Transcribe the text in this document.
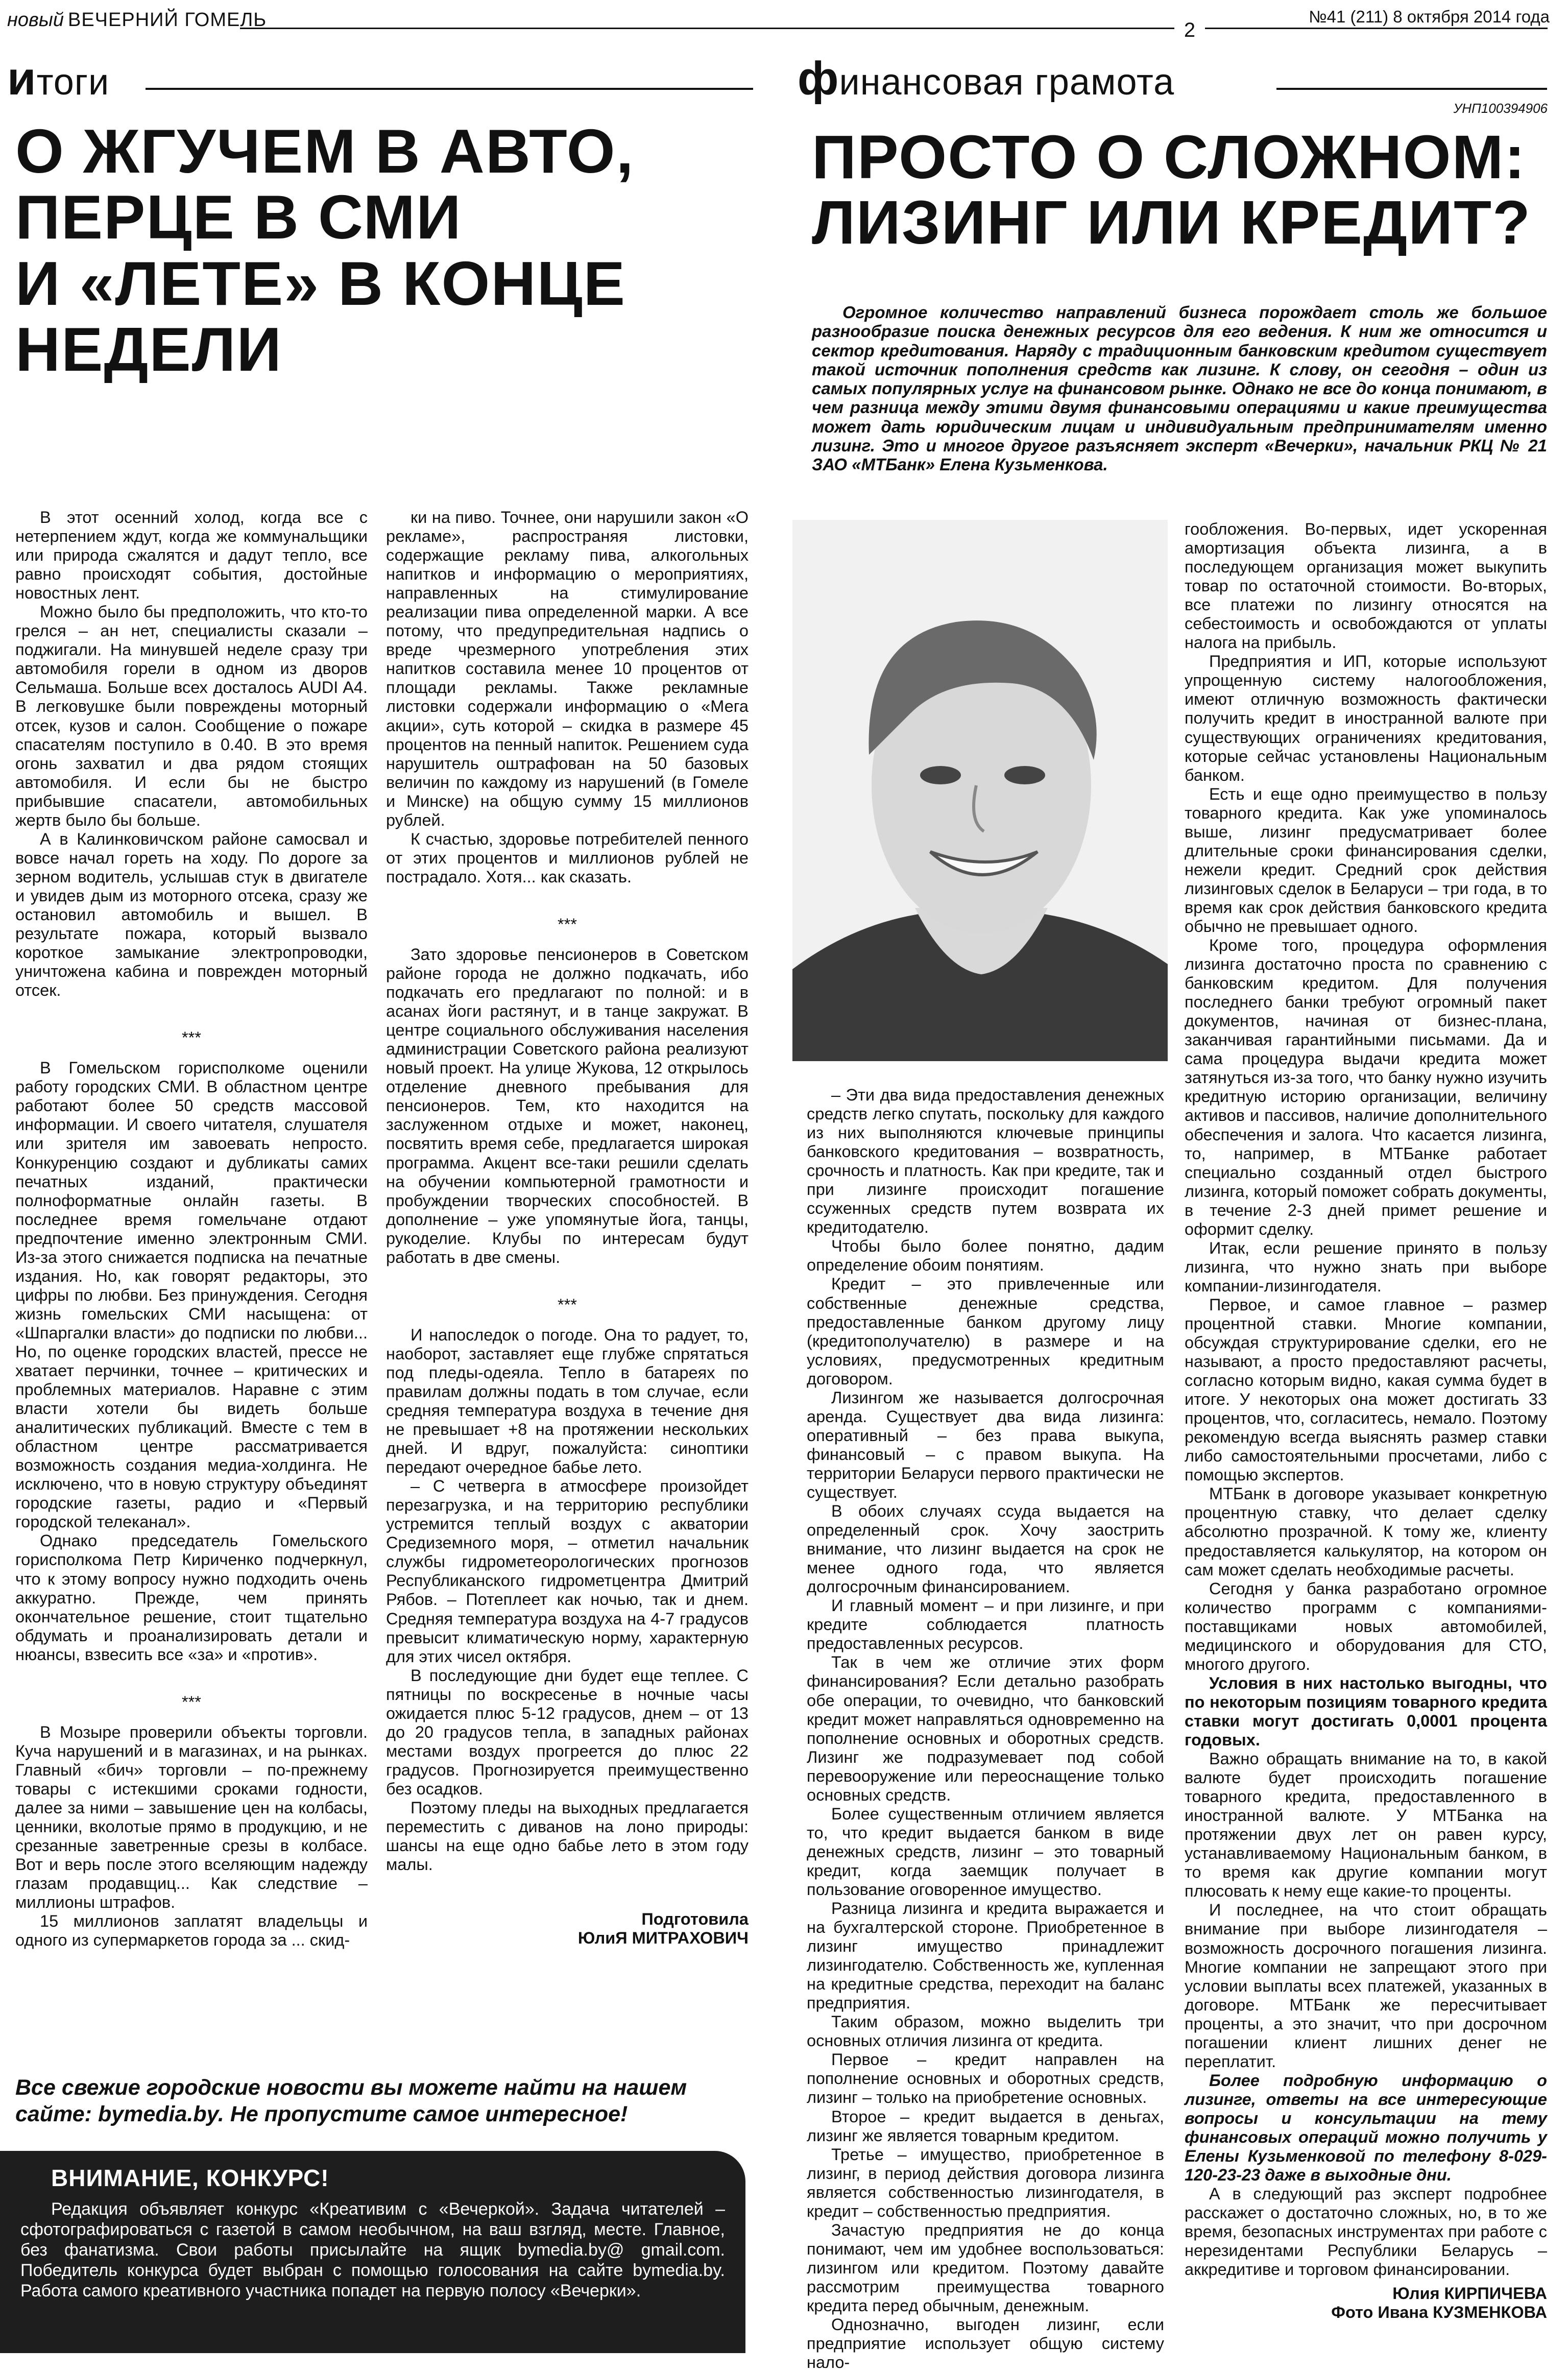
новый ВЕЧЕРНИЙ ГОМЕЛЬ	2
№41 (211) 8 октября 2014 года
итоги
О ЖГУЧЕМ В АВТО,
ПЕРЦЕ В СМИ
И «ЛЕТЕ» В КОНЦЕ
НЕДЕЛИ
финансовая грамота
УНП100394906
ПРОСТО О СЛОЖНОМ:
ЛИЗИНГ ИЛИ КРЕДИТ?
Огромное количество направлений бизнеса порождает столь же большое разнообразие поиска денежных ресурсов для его ведения. К ним же относится и сектор кредитования. Наряду с традиционным банковским кредитом существует такой источник пополнения средств как лизинг. К слову, он сегодня – один из самых популярных услуг на финансовом рынке. Однако не все до конца понимают, в чем разница между этими двумя финансовыми операциями и какие преимущества может дать юридическим лицам и индивидуальным предпринимателям именно лизинг. Это и многое другое разъясняет эксперт «Вечерки», начальник РКЦ № 21 ЗАО «МТБанк» Елена Кузьменкова.

В этот осенний холод, когда все с нетерпением ждут, когда же коммунальщики или природа сжалятся и дадут тепло, все равно происходят события, достойные новостных лент.

Можно было бы предположить, что кто-то грелся – ан нет, специалисты сказали – поджигали. На минувшей неделе сразу три автомобиля горели в одном из дворов Сельмаша. Больше всех досталось AUDI A4. В легковушке были повреждены моторный отсек, кузов и салон. Сообщение о пожаре спасателям поступило в 0.40. В это время огонь захватил и два рядом стоящих автомобиля. И если бы не быстро прибывшие спасатели, автомобильных жертв было бы больше.

А в Калинковичском районе самосвал и вовсе начал гореть на ходу. По дороге за зерном водитель, услышав стук в двигателе и увидев дым из моторного отсека, сразу же остановил автомобиль и вышел. В результате пожара, который вызвало короткое замыкание электропроводки, уничтожена кабина и поврежден моторный отсек.

***

В Гомельском горисполкоме оценили работу городских СМИ. В областном центре работают более 50 средств массовой информации. И своего читателя, слушателя или зрителя им завоевать непросто. Конкуренцию создают и дубликаты самих печатных изданий, практически полноформатные онлайн газеты. В последнее время гомельчане отдают предпочтение именно электронным СМИ. Из-за этого снижается подписка на печатные издания. Но, как говорят редакторы, это цифры по любви. Без принуждения. Сегодня жизнь гомельских СМИ насыщена: от «Шпаргалки власти» до подписки по любви... Но, по оценке городских властей, прессе не хватает перчинки, точнее – критических и проблемных материалов. Наравне с этим власти хотели бы видеть больше аналитических публикаций. Вместе с тем в областном центре рассматривается возможность создания медиа-холдинга. Не исключено, что в новую структуру объединят городские газеты, радио и «Первый городской телеканал».

Однако председатель Гомельского горисполкома Петр Кириченко подчеркнул, что к этому вопросу нужно подходить очень аккуратно. Прежде, чем принять окончательное решение, стоит тщательно обдумать и проанализировать детали и нюансы, взвесить все «за» и «против».

***

В Мозыре проверили объекты торговли. Куча нарушений и в магазинах, и на рынках. Главный «бич» торговли – по-прежнему товары с истекшими сроками годности, далее за ними – завышение цен на колбасы, ценники, вколотые прямо в продукцию, и не срезанные заветренные срезы в колбасе. Вот и верь после этого вселяющим надежду глазам продавщиц... Как следствие – миллионы штрафов.

15 миллионов заплатят владельцы и одного из супермаркетов города за ... скид-

ки на пиво. Точнее, они нарушили закон «О рекламе», распространяя листовки, содержащие рекламу пива, алкогольных напитков и информацию о мероприятиях, направленных на стимулирование реализации пива определенной марки. А все потому, что предупредительная надпись о вреде чрезмерного употребления этих напитков составила менее 10 процентов от площади рекламы. Также рекламные листовки содержали информацию о «Мега акции», суть которой – скидка в размере 45 процентов на пенный напиток. Решением суда нарушитель оштрафован на 50 базовых величин по каждому из нарушений (в Гомеле и Минске) на общую сумму 15 миллионов рублей.

К счастью, здоровье потребителей пенного от этих процентов и миллионов рублей не пострадало. Хотя... как сказать.

***

Зато здоровье пенсионеров в Советском районе города не должно подкачать, ибо подкачать его предлагают по полной: и в асанах йоги растянут, и в танце закружат. В центре социального обслуживания населения администрации Советского района реализуют новый проект. На улице Жукова, 12 открылось отделение дневного пребывания для пенсионеров. Тем, кто находится на заслуженном отдыхе и может, наконец, посвятить время себе, предлагается широкая программа. Акцент все-таки решили сделать на обучении компьютерной грамотности и пробуждении творческих способностей. В дополнение – уже упомянутые йога, танцы, рукоделие. Клубы по интересам будут работать в две смены.

***

И напоследок о погоде. Она то радует, то, наоборот, заставляет еще глубже спрятаться под пледы-одеяла. Тепло в батареях по правилам должны подать в том случае, если средняя температура воздуха в течение дня не превышает +8 на протяжении нескольких дней. И вдруг, пожалуйста: синоптики передают очередное бабье лето.

– С четверга в атмосфере произойдет перезагрузка, и на территорию республики устремится теплый воздух с акватории Средиземного моря, – отметил начальник службы гидрометеорологических прогнозов Республиканского гидрометцентра Дмитрий Рябов. – Потеплеет как ночью, так и днем. Средняя температура воздуха на 4-7 градусов превысит климатическую норму, характерную для этих чисел октября.

В последующие дни будет еще теплее. С пятницы по воскресенье в ночные часы ожидается плюс 5-12 градусов, днем – от 13 до 20 градусов тепла, в западных районах местами воздух прогреется до плюс 22 градусов. Прогнозируется преимущественно без осадков.

Поэтому пледы на выходных предлагается переместить с диванов на лоно природы: шансы на еще одно бабье лето в этом году малы.

Подготовила
ЮлиЯ МИТРАХОВИЧ

Все свежие городские новости вы можете найти на нашем сайте: bymedia.by. Не пропустите самое интересное!
ВНИМАНИЕ, КОНКУРС!

Редакция объявляет конкурс «Креативим с «Вечеркой». Задача читателей – сфотографироваться с газетой в самом необычном, на ваш взгляд, месте. Главное, без фанатизма. Свои работы присылайте на ящик bymedia.by@ gmail.com. Победитель конкурса будет выбран с помощью голосования на сайте bymedia.by. Работа самого креативного участника попадет на первую полосу «Вечерки».

– Эти два вида предоставления денежных средств легко спутать, поскольку для каждого из них выполняются ключевые принципы банковского кредитования – возвратность, срочность и платность. Как при кредите, так и при лизинге происходит погашение ссуженных средств путем возврата их кредитодателю.

Чтобы было более понятно, дадим определение обоим понятиям.

Кредит – это привлеченные или собственные денежные средства, предоставленные банком другому лицу (кредитополучателю) в размере и на условиях, предусмотренных кредитным договором.

Лизингом же называется долгосрочная аренда. Существует два вида лизинга: оперативный – без права выкупа, финансовый – с правом выкупа. На территории Беларуси первого практически не существует.

В обоих случаях ссуда выдается на определенный срок. Хочу заострить внимание, что лизинг выдается на срок не менее одного года, что является долгосрочным финансированием.

И главный момент – и при лизинге, и при кредите соблюдается платность предоставленных ресурсов.

Так в чем же отличие этих форм финансирования? Если детально разобрать обе операции, то очевидно, что банковский кредит может направляться одновременно на пополнение основных и оборотных средств. Лизинг же подразумевает под собой перевооружение или переоснащение только основных средств.

Более существенным отличием является то, что кредит выдается банком в виде денежных средств, лизинг – это товарный кредит, когда заемщик получает в пользование оговоренное имущество.

Разница лизинга и кредита выражается и на бухгалтерской стороне. Приобретенное в лизинг имущество принадлежит лизингодателю. Собственность же, купленная на кредитные средства, переходит на баланс предприятия.

Таким образом, можно выделить три основных отличия лизинга от кредита.

Первое – кредит направлен на пополнение основных и оборотных средств, лизинг – только на приобретение основных.

Второе – кредит выдается в деньгах, лизинг же является товарным кредитом.

Третье – имущество, приобретенное в лизинг, в период действия договора лизинга является собственностью лизингодателя, в кредит – собственностью предприятия.

Зачастую предприятия не до конца понимают, чем им удобнее воспользоваться: лизингом или кредитом. Поэтому давайте рассмотрим преимущества товарного кредита перед обычным, денежным.

Однозначно, выгоден лизинг, если предприятие использует общую систему нало-

гообложения. Во-первых, идет ускоренная амортизация объекта лизинга, а в последующем организация может выкупить товар по остаточной стоимости. Во-вторых, все платежи по лизингу относятся на себестоимость и освобождаются от уплаты налога на прибыль.

Предприятия и ИП, которые используют упрощенную систему налогообложения, имеют отличную возможность фактически получить кредит в иностранной валюте при существующих ограничениях кредитования, которые сейчас установлены Национальным банком.

Есть и еще одно преимущество в пользу товарного кредита. Как уже упоминалось выше, лизинг предусматривает более длительные сроки финансирования сделки, нежели кредит. Средний срок действия лизинговых сделок в Беларуси – три года, в то время как срок действия банковского кредита обычно не превышает одного.

Кроме того, процедура оформления лизинга достаточно проста по сравнению с банковским кредитом. Для получения последнего банки требуют огромный пакет документов, начиная от бизнес-плана, заканчивая гарантийными письмами. Да и сама процедура выдачи кредита может затянуться из-за того, что банку нужно изучить кредитную историю организации, величину активов и пассивов, наличие дополнительного обеспечения и залога. Что касается лизинга, то, например, в МТБанке работает специально созданный отдел быстрого лизинга, который поможет собрать документы, в течение 2-3 дней примет решение и оформит сделку.

Итак, если решение принято в пользу лизинга, что нужно знать при выборе компании-лизингодателя.

Первое, и самое главное – размер процентной ставки. Многие компании, обсуждая структурирование сделки, его не называют, а просто предоставляют расчеты, согласно которым видно, какая сумма будет в итоге. У некоторых она может достигать 33 процентов, что, согласитесь, немало. Поэтому рекомендую всегда выяснять размер ставки либо самостоятельными просчетами, либо с помощью экспертов.

МТБанк в договоре указывает конкретную процентную ставку, что делает сделку абсолютно прозрачной. К тому же, клиенту предоставляется калькулятор, на котором он сам может сделать необходимые расчеты.

Сегодня у банка разработано огромное количество программ с компаниями-поставщиками новых автомобилей, медицинского и оборудования для СТО, многого другого.

Условия в них настолько выгодны, что по некоторым позициям товарного кредита ставки могут достигать 0,0001 процента годовых.

Важно обращать внимание на то, в какой валюте будет происходить погашение товарного кредита, предоставленного в иностранной валюте. У МТБанка на протяжении двух лет он равен курсу, устанавливаемому Национальным банком, в то время как другие компании могут плюсовать к нему еще какие-то проценты.

И последнее, на что стоит обращать внимание при выборе лизингодателя – возможность досрочного погашения лизинга. Многие компании не запрещают этого при условии выплаты всех платежей, указанных в договоре. МТБанк же пересчитывает проценты, а это значит, что при досрочном погашении клиент лишних денег не переплатит.

Более подробную информацию о лизинге, ответы на все интересующие вопросы и консультации на тему финансовых операций можно получить у Елены Кузьменковой по телефону 8-029-120-23-23 даже в выходные дни.

А в следующий раз эксперт подробнее расскажет о достаточно сложных, но, в то же время, безопасных инструментах при работе с нерезидентами Республики Беларусь – аккредитиве и торговом финансировании.

Юлия КИРПИЧЕВА
Фото Ивана КУЗМЕНКОВА
